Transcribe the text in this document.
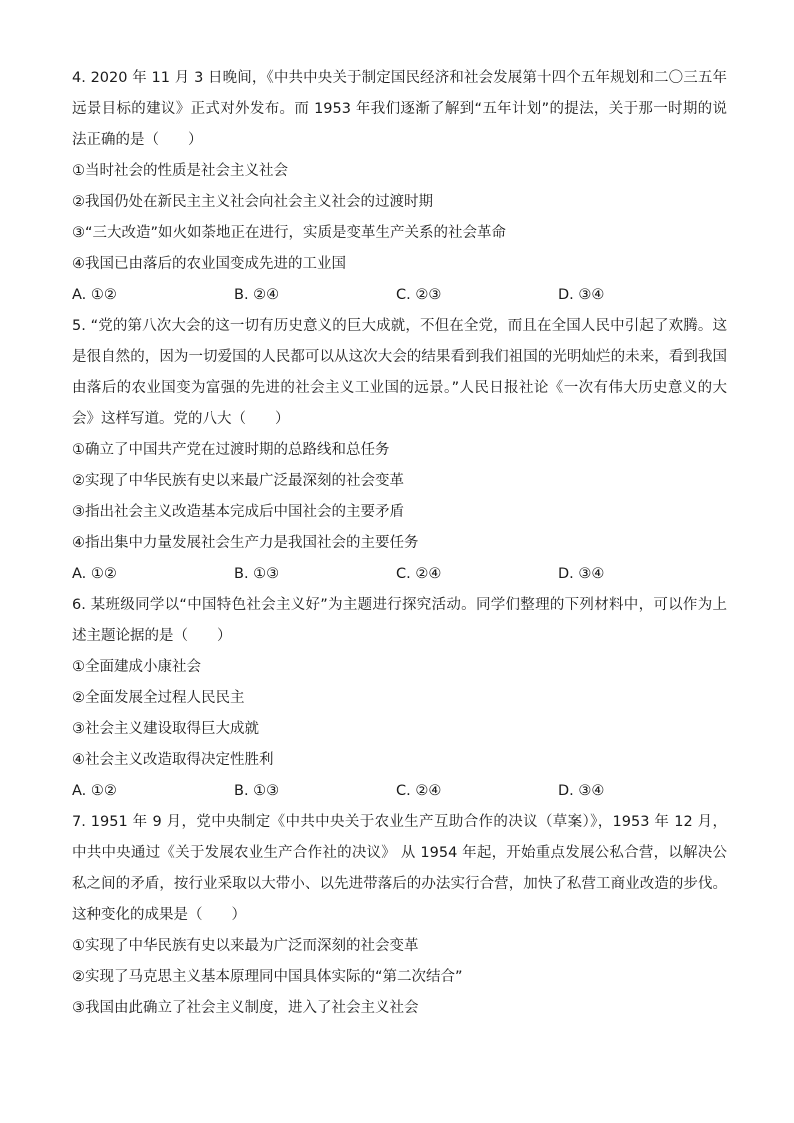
4. 2020 年 11 月 3 日晚间，《中共中央关于制定国民经济和社会发展第十四个五年规划和二〇三五年远景目标的建议》正式对外发布。而 1953 年我们逐渐了解到“五年计划”的提法，关于那一时期的说法正确的是（　　）

①当时社会的性质是社会主义社会
②我国仍处在新民主主义社会向社会主义社会的过渡时期
③“三大改造”如火如荼地正在进行，实质是变革生产关系的社会革命
④我国已由落后的农业国变成先进的工业国
A. ①②	B. ②④	C. ②③	D. ③④

5. “党的第八次大会的这一切有历史意义的巨大成就，不但在全党，而且在全国人民中引起了欢腾。这是很自然的，因为一切爱国的人民都可以从这次大会的结果看到我们祖国的光明灿烂的未来，看到我国由落后的农业国变为富强的先进的社会主义工业国的远景。”人民日报社论《一次有伟大历史意义的大会》这样写道。党的八大（　　）

①确立了中国共产党在过渡时期的总路线和总任务
②实现了中华民族有史以来最广泛最深刻的社会变革
③指出社会主义改造基本完成后中国社会的主要矛盾
④指出集中力量发展社会生产力是我国社会的主要任务
A. ①②	B. ①③	C. ②④	D. ③④

6. 某班级同学以“中国特色社会主义好”为主题进行探究活动。同学们整理的下列材料中，可以作为上述主题论据的是（　　）

①全面建成小康社会
②全面发展全过程人民民主
③社会主义建设取得巨大成就
④社会主义改造取得决定性胜利
A. ①②	B. ①③	C. ②④	D. ③④

7. 1951 年 9 月，党中央制定《中共中央关于农业生产互助合作的决议（草案）》，1953 年 12 月，中共中央通过《关于发展农业生产合作社的决议》 从 1954 年起，开始重点发展公私合营，以解决公私之间的矛盾，按行业采取以大带小、以先进带落后的办法实行合营，加快了私营工商业改造的步伐。这种变化的成果是（　　）

①实现了中华民族有史以来最为广泛而深刻的社会变革
②实现了马克思主义基本原理同中国具体实际的“第二次结合”
③我国由此确立了社会主义制度，进入了社会主义社会
